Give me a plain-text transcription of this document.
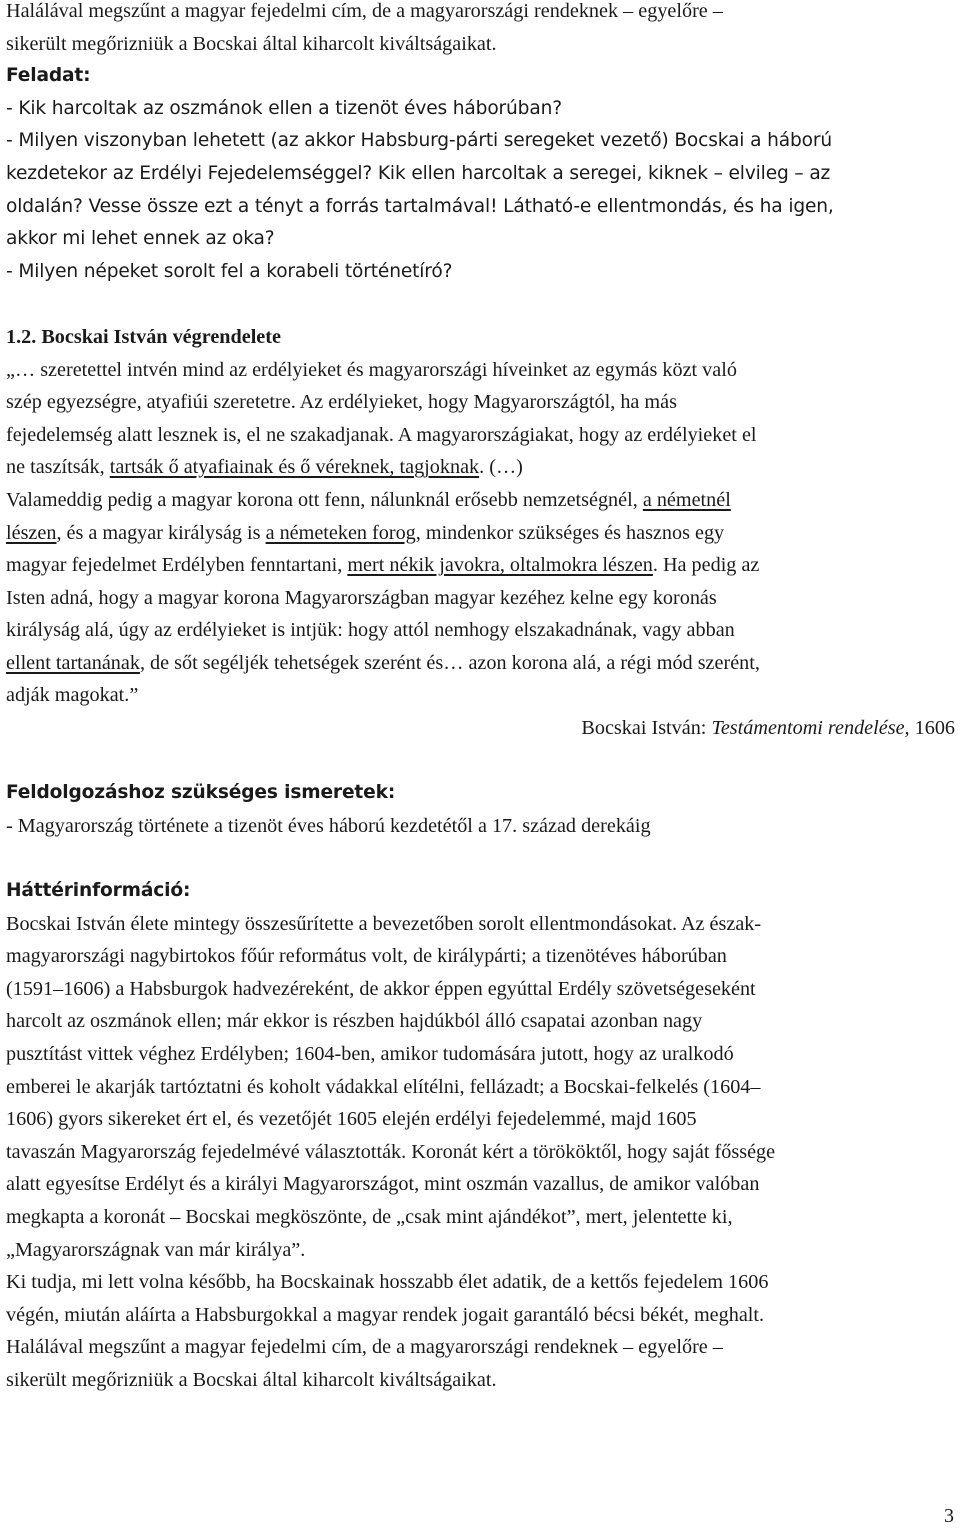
Halálával megszűnt a magyar fejedelmi cím, de a magyarországi rendeknek – egyelőre –
sikerült megőrizniük a Bocskai által kiharcolt kiváltságaikat.

Feladat:

- Kik harcoltak az oszmánok ellen a tizenöt éves háborúban?

- Milyen viszonyban lehetett (az akkor Habsburg-párti seregeket vezető) Bocskai a háború
kezdetekor az Erdélyi Fejedelemséggel? Kik ellen harcoltak a seregei, kiknek – elvileg – az
oldalán? Vesse össze ezt a tényt a forrás tartalmával! Látható-e ellentmondás, és ha igen,
akkor mi lehet ennek az oka?

- Milyen népeket sorolt fel a korabeli történetíró?

1.2. Bocskai István végrendelete

„… szeretettel intvén mind az erdélyieket és magyarországi híveinket az egymás közt való
szép egyezségre, atyafiúi szeretetre. Az erdélyieket, hogy Magyarországtól, ha más
fejedelemség alatt lesznek is, el ne szakadjanak. A magyarországiakat, hogy az erdélyieket el
ne taszítsák, tartsák ő atyafiainak és ő véreknek, tagjoknak. (…)
Valameddig pedig a magyar korona ott fenn, nálunknál erősebb nemzetségnél, a németnél
lészen, és a magyar királyság is a németeken forog, mindenkor szükséges és hasznos egy
magyar fejedelmet Erdélyben fenntartani, mert nékik javokra, oltalmokra lészen. Ha pedig az
Isten adná, hogy a magyar korona Magyarországban magyar kezéhez kelne egy koronás
királyság alá, úgy az erdélyieket is intjük: hogy attól nemhogy elszakadnának, vagy abban
ellent tartanának, de sőt segéljék tehetségek szerént és… azon korona alá, a régi mód szerént,
adják magokat.”

Bocskai István: Testámentomi rendelése, 1606

Feldolgozáshoz szükséges ismeretek:

- Magyarország története a tizenöt éves háború kezdetétől a 17. század derekáig

Háttérinformáció:

Bocskai István élete mintegy összesűrítette a bevezetőben sorolt ellentmondásokat. Az észak-
magyarországi nagybirtokos főúr református volt, de királypárti; a tizenötéves háborúban
(1591–1606) a Habsburgok hadvezéreként, de akkor éppen egyúttal Erdély szövetségeseként
harcolt az oszmánok ellen; már ekkor is részben hajdúkból álló csapatai azonban nagy
pusztítást vittek véghez Erdélyben; 1604-ben, amikor tudomására jutott, hogy az uralkodó
emberei le akarják tartóztatni és koholt vádakkal elítélni, fellázadt; a Bocskai-felkelés (1604–
1606) gyors sikereket ért el, és vezetőjét 1605 elején erdélyi fejedelemmé, majd 1605
tavaszán Magyarország fejedelmévé választották. Koronát kért a törököktől, hogy saját főssége
alatt egyesítse Erdélyt és a királyi Magyarországot, mint oszmán vazallus, de amikor valóban
megkapta a koronát – Bocskai megköszönte, de „csak mint ajándékot”, mert, jelentette ki,
„Magyarországnak van már királya”.

Ki tudja, mi lett volna később, ha Bocskainak hosszabb élet adatik, de a kettős fejedelem 1606
végén, miután aláírta a Habsburgokkal a magyar rendek jogait garantáló bécsi békét, meghalt.

Halálával megszűnt a magyar fejedelmi cím, de a magyarországi rendeknek – egyelőre –
sikerült megőrizniük a Bocskai által kiharcolt kiváltságaikat.

3
